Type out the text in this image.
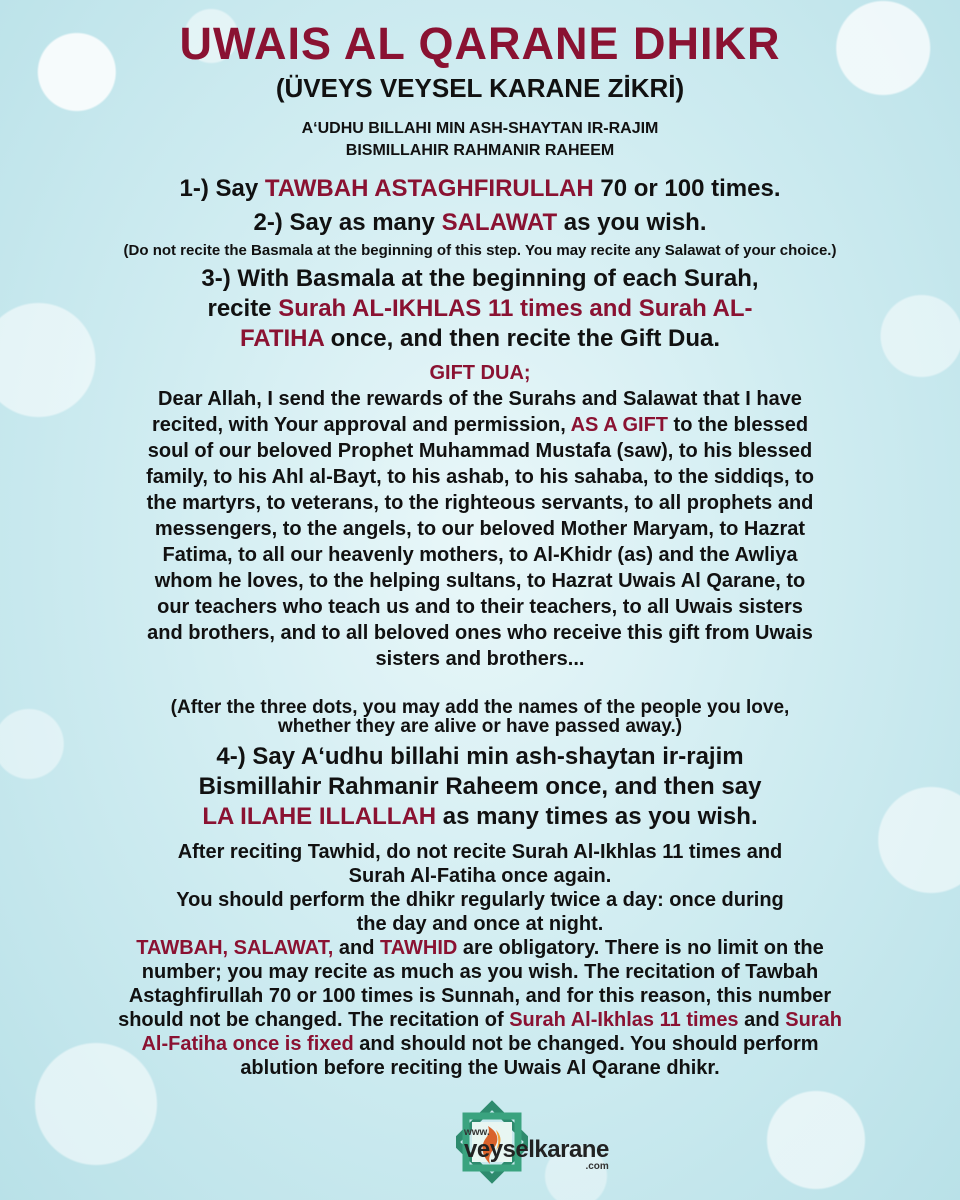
UWAIS AL QARANE DHIKR
(ÜVEYS VEYSEL KARANE ZİKRİ)
A‘UDHU BILLAHI MIN ASH-SHAYTAN IR-RAJIM
BISMILLAHIR RAHMANIR RAHEEM

1-) Say TAWBAH ASTAGHFIRULLAH 70 or 100 times.

2-) Say as many SALAWAT as you wish.

(Do not recite the Basmala at the beginning of this step. You may recite any Salawat of your choice.)

3-) With Basmala at the beginning of each Surah,

recite Surah AL-IKHLAS 11 times and Surah AL-

FATIHA once, and then recite the Gift Dua.

GIFT DUA;

Dear Allah, I send the rewards of the Surahs and Salawat that I have

recited, with Your approval and permission, AS A GIFT to the blessed

soul of our beloved Prophet Muhammad Mustafa (saw), to his blessed

family, to his Ahl al-Bayt, to his ashab, to his sahaba, to the siddiqs, to

the martyrs, to veterans, to the righteous servants, to all prophets and

messengers, to the angels, to our beloved Mother Maryam, to Hazrat

Fatima, to all our heavenly mothers, to Al-Khidr (as) and the Awliya

whom he loves, to the helping sultans, to Hazrat Uwais Al Qarane, to

our teachers who teach us and to their teachers, to all Uwais sisters

and brothers, and to all beloved ones who receive this gift from Uwais

sisters and brothers...

(After the three dots, you may add the names of the people you love,

whether they are alive or have passed away.)

4-) Say A‘udhu billahi min ash-shaytan ir-rajim

Bismillahir Rahmanir Raheem once, and then say

LA ILAHE ILLALLAH as many times as you wish.

After reciting Tawhid, do not recite Surah Al-Ikhlas 11 times and

Surah Al-Fatiha once again.

You should perform the dhikr regularly twice a day: once during

the day and once at night.

TAWBAH, SALAWAT, and TAWHID are obligatory. There is no limit on the

number; you may recite as much as you wish. The recitation of Tawbah

Astaghfirullah 70 or 100 times is Sunnah, and for this reason, this number

should not be changed. The recitation of Surah Al-Ikhlas 11 times and Surah

Al-Fatiha once is fixed and should not be changed. You should perform

ablution before reciting the Uwais Al Qarane dhikr.

www.
veyselkarane
.com
